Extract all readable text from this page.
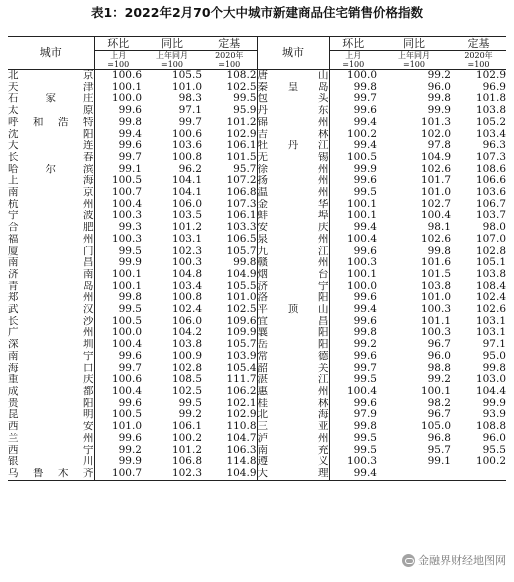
表1：2022年2月70个大中城市新建商品住宅销售价格指数
城市	环比	同比	定基	城市	环比	同比	定基
	上月	上年同月	2020年		上月	上年同月	2020年
	=100	=100	=100		=100	=100	=100
北京	100.6	105.5	108.2	唐山	100.0	99.2	102.9
天津	100.1	101.0	102.5	秦皇岛	99.8	96.0	96.9
石家庄	100.0	98.3	99.5	包头	99.7	99.8	101.8
太原	99.6	97.1	95.9	丹东	99.6	99.9	103.8
呼和浩特	99.8	99.7	101.2	锦州	99.4	101.3	105.2
沈阳	99.4	100.6	102.9	吉林	100.2	102.0	103.4
大连	99.6	103.6	106.1	牡丹江	99.4	97.8	96.3
长春	99.7	100.8	101.5	无锡	100.5	104.9	107.3
哈尔滨	99.1	96.2	95.7	徐州	99.9	102.6	108.6
上海	100.5	104.1	107.2	扬州	99.6	101.7	106.6
南京	100.7	104.1	106.8	温州	99.5	101.0	103.6
杭州	100.4	106.0	107.3	金华	100.1	102.7	106.7
宁波	100.3	103.5	106.1	蚌埠	100.1	100.4	103.7
合肥	99.3	101.2	103.3	安庆	99.4	98.1	98.0
福州	100.3	103.1	106.5	泉州	100.4	102.6	107.0
厦门	99.5	102.3	105.7	九江	99.6	99.8	102.8
南昌	99.9	100.3	99.8	赣州	100.3	101.6	105.1
济南	100.1	104.8	104.9	烟台	100.1	101.5	103.8
青岛	100.1	103.4	105.5	济宁	100.0	103.8	108.4
郑州	99.8	100.8	101.0	洛阳	99.6	101.0	102.4
武汉	99.5	102.4	102.5	平顶山	99.4	100.3	102.6
长沙	100.5	106.0	109.6	宜昌	99.6	101.1	103.1
广州	100.0	104.2	109.9	襄阳	99.8	100.3	103.1
深圳	100.4	103.8	105.7	岳阳	99.2	96.7	97.1
南宁	99.6	100.9	103.9	常德	99.6	96.0	95.0
海口	99.7	102.8	105.4	韶关	99.7	98.8	99.8
重庆	100.6	108.5	111.7	湛江	99.5	99.2	103.0
成都	100.4	102.5	106.2	惠州	100.4	100.1	104.4
贵阳	99.6	99.5	102.1	桂林	99.6	98.2	99.9
昆明	100.5	99.2	102.9	北海	97.9	96.7	93.9
西安	101.0	106.1	110.8	三亚	99.8	105.0	108.8
兰州	99.6	100.2	104.7	泸州	99.5	96.8	96.0
西宁	99.2	101.2	106.3	南充	99.5	95.7	95.5
银川	99.9	106.8	114.8	遵义	100.3	99.1	100.2
乌鲁木齐	100.7	102.3	104.9	大理	99.4		
金融界财经地图网
